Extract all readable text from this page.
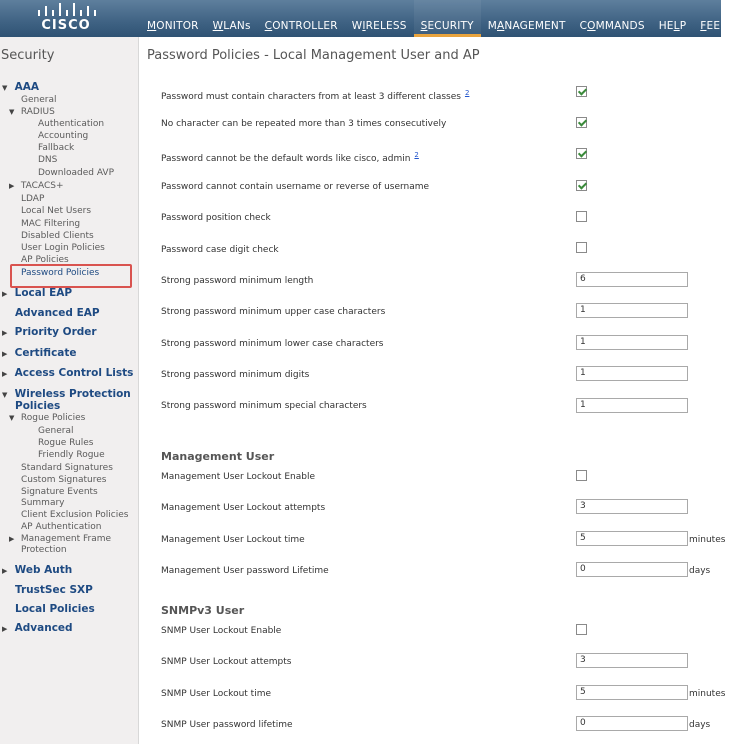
CISCO	MONITOR	WLANs	CONTROLLER	WIRELESS	SECURITY	MANAGEMENT	COMMANDS	HELP	FEED
Security
▼ AAA
General
▼ RADIUS
Authentication
Accounting
Fallback
DNS
Downloaded AVP
▶ TACACS+
LDAP
Local Net Users
MAC Filtering
Disabled Clients
User Login Policies
AP Policies
Password Policies
▶ Local EAP
Advanced EAP
▶ Priority Order
▶ Certificate
▶ Access Control Lists
▼ Wireless Protection
Policies
▼ Rogue Policies
General
Rogue Rules
Friendly Rogue
Standard Signatures
Custom Signatures
Signature Events
Summary
Client Exclusion Policies
AP Authentication
▶ Management Frame
Protection
▶ Web Auth
TrustSec SXP
Local Policies
▶ Advanced
Password Policies - Local Management User and AP
Password must contain characters from at least 3 different classes $^2$
No character can be repeated more than 3 times consecutively
Password cannot be the default words like cisco, admin $^2$
Password cannot contain username or reverse of username
Password position check
Password case digit check
Strong password minimum length	6
Strong password minimum upper case characters	1
Strong password minimum lower case characters	1
Strong password minimum digits	1
Strong password minimum special characters	1
Management User
Management User Lockout Enable
Management User Lockout attempts	3
Management User Lockout time	5	minutes
Management User password Lifetime	0	days
SNMPv3 User
SNMP User Lockout Enable
SNMP User Lockout attempts	3
SNMP User Lockout time	5	minutes
SNMP User password lifetime	0	days
